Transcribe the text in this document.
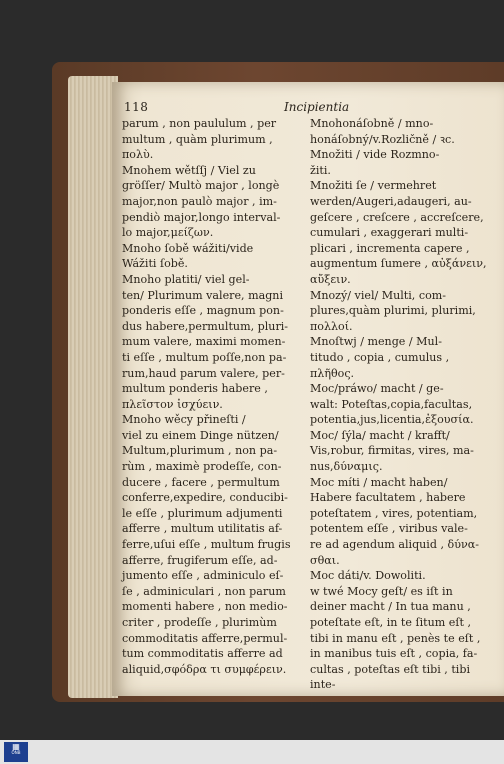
118	Incipientia
parum , non paululum , per
multum , quàm plurimum ,
πολὺ.
Mnohem wětſſj / Viel zu
gröſſer/ Multò major , longè
major,non paulò major , im-
pendiò major,longo interval-
lo major,μείζων.
Mnoho ſobě wážiti/vide
Wážiti ſobě.
Mnoho platiti/ viel gel-
ten/ Plurimum valere, magni
ponderis eſſe , magnum pon-
dus habere,permultum, pluri-
mum valere, maximi momen-
ti eſſe , multum poſſe,non pa-
rum,haud parum valere, per-
multum ponderis habere ,
πλεῖστον ἰσχύειν.
Mnoho wěcy přineſti /
viel zu einem Dinge nützen/
Multum,plurimum , non pa-
rùm , maximè prodeſſe, con-
ducere , facere , permultum
conferre,expedire, conducibi-
le eſſe , plurimum adjumenti
afferre , multum utilitatis af-
ferre,uſui eſſe , multum frugis
afferre, frugiferum eſſe, ad-
jumento eſſe , adminiculo eſ-
ſe , adminiculari , non parum
momenti habere , non medio-
criter , prodeſſe , plurimùm
commoditatis afferre,permul-
tum commoditatis afferre ad
aliquid,σφόδρα τι συμφέρειν.
Mnohonáſobně / mno-
honáſobný/v.Rozličně / ꝛc.
Množiti / vide Rozmno-
žiti.
Množiti ſe / vermehret
werden/Augeri,adaugeri, au-
geſcere , creſcere , accreſcere,
cumulari , exaggerari multi-
plicari , incrementa capere ,
augmentum ſumere , αὐξάνειν,
αὔξειν.
Mnozý/ viel/ Multi, com-
plures,quàm plurimi, plurimi,
πολλοί.
Mnoſtwj / menge / Mul-
titudo , copia , cumulus ,
πλῆθος.
Moc/práwo/ macht / ge-
walt: Poteſtas,copia,facultas,
potentia,jus,licentia,ἐξουσία.
Moc/ ſýla/ macht / krafft/
Vis,robur, firmitas, vires, ma-
nus,δύναμις.
Moc míti / macht haben/
Habere facultatem , habere
poteſtatem , vires, potentiam,
potentem eſſe , viribus vale-
re ad agendum aliquid , δύνα-
σθαι.
Moc dáti/v. Dowoliti.
w twé Mocy geſt/ es iſt in
deiner macht / In tua manu ,
poteſtate eſt, in te ſitum eſt ,
tibi in manu eſt , penès te eſt ,
in manibus tuis eſt , copia, fa-
cultas , poteſtas eſt tibi , tibi
inte-
▦
ÖNB
